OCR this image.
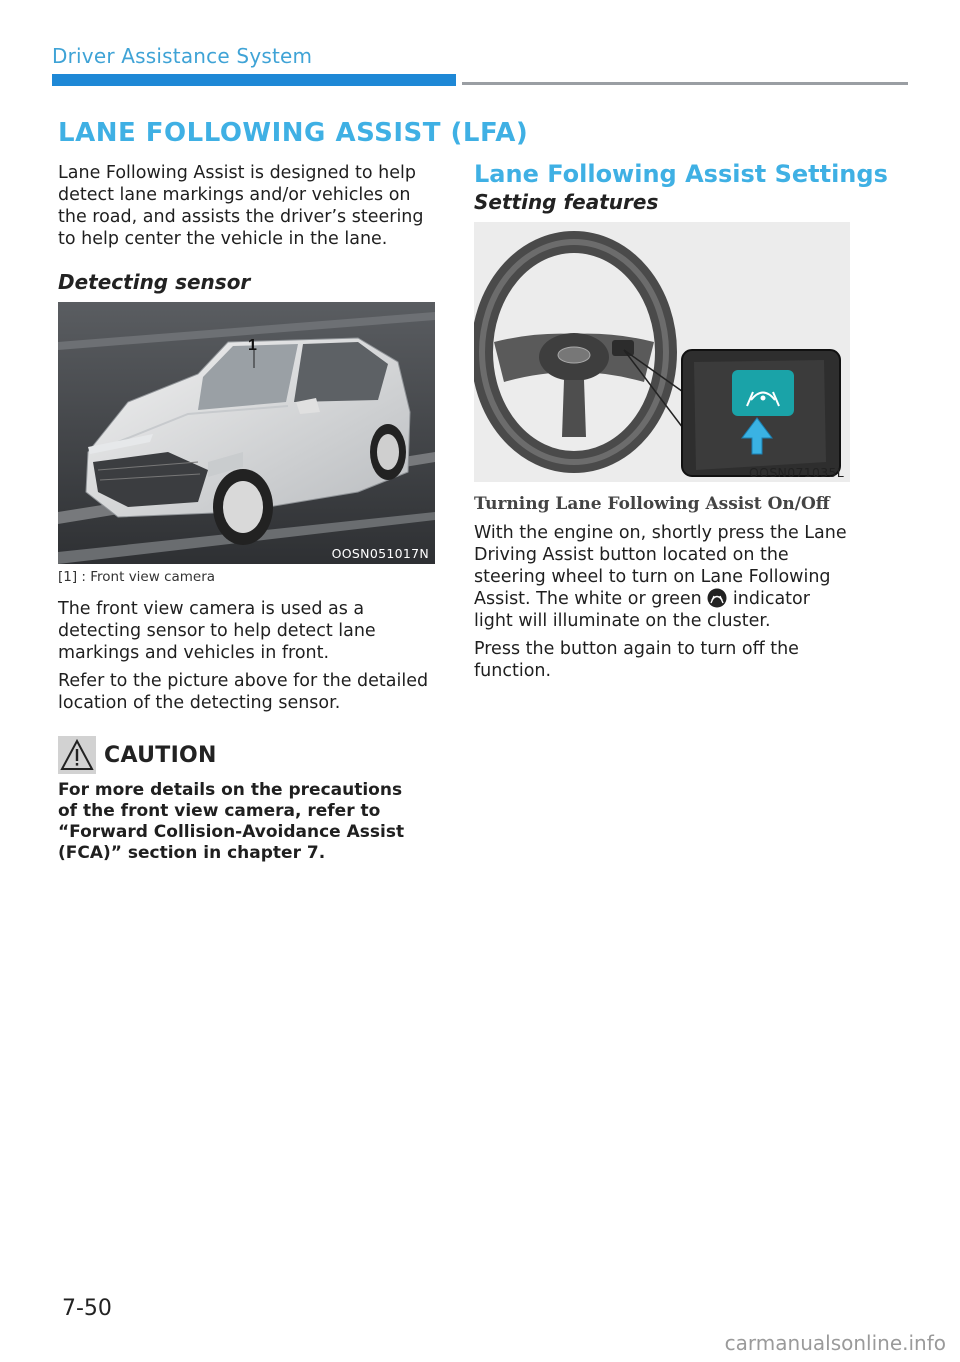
Driver Assistance System
LANE FOLLOWING ASSIST (LFA)
Lane Following Assist is designed to help detect lane markings and/or vehicles on the road, and assists the driver’s steering to help center the vehicle in the lane.
Detecting sensor
1
OOSN051017N
[1] : Front view camera
The front view camera is used as a detecting sensor to help detect lane markings and vehicles in front.
Refer to the picture above for the detailed location of the detecting sensor.
CAUTION
For more details on the precautions of the front view camera, refer to “Forward Collision-Avoidance Assist (FCA)” section in chapter 7.
Lane Following Assist Settings
Setting features
OOSN071035L
Turning Lane Following Assist On/Off
With the engine on, shortly press the Lane Driving Assist button located on the steering wheel to turn on Lane Following Assist. The white or green indicator light will illuminate on the cluster.
Press the button again to turn off the function.
7-50
carmanualsonline.info
